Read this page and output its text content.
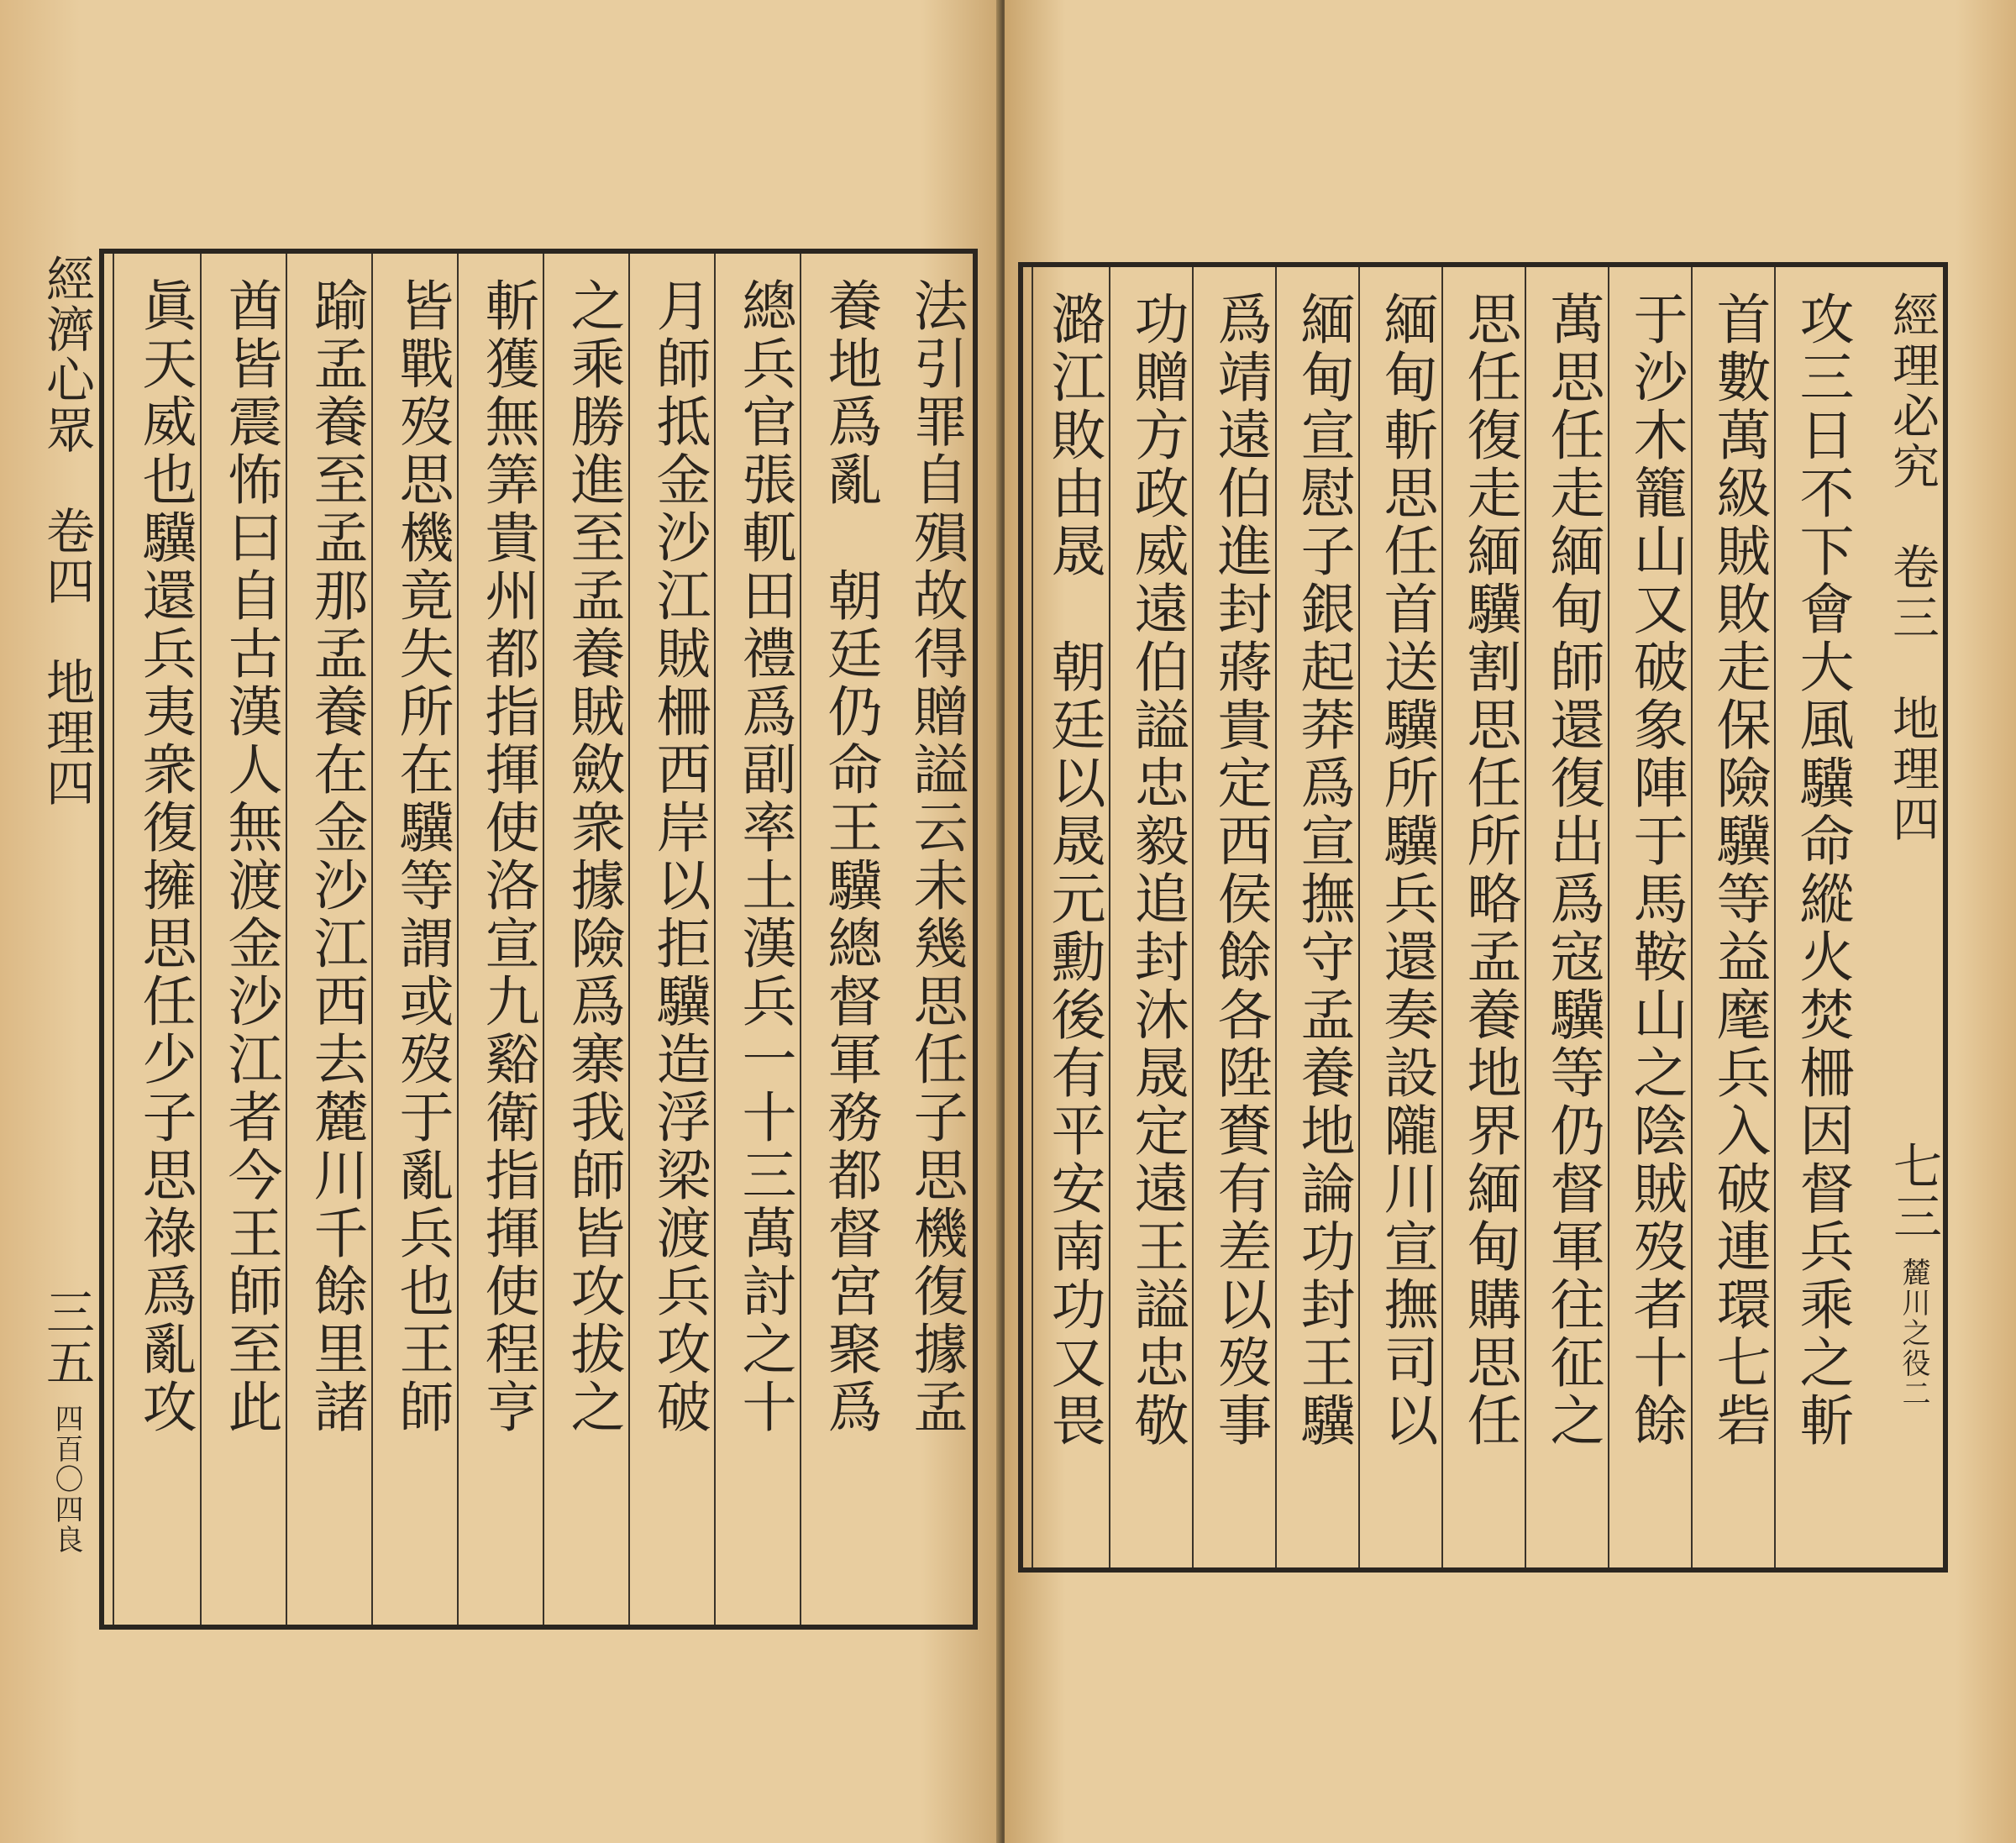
經濟心眾　卷四　地理四
三五 四百〇四良
法引罪自殞故得贈謚云未幾思任子思機復據孟
養地爲亂　朝廷仍命王驥總督軍務都督宮聚爲
總兵官張軏田禮爲副率土漢兵一十三萬討之十
月師抵金沙江賊柵西岸以拒驥造浮梁渡兵攻破
之乘勝進至孟養賊斂衆據險爲寨我師皆攻拔之
斬獲無筭貴州都指揮使洛宣九谿衛指揮使程亨
皆戰歿思機竟失所在驥等謂或歿于亂兵也王師
踰孟養至孟那孟養在金沙江西去麓川千餘里諸
酋皆震怖曰自古漢人無渡金沙江者今王師至此
眞天威也驥還兵夷衆復擁思任少子思祿爲亂攻	經理必究　卷三　地理四
七三 麓川之役二
攻三日不下會大風驥命縱火焚柵因督兵乘之斬
首數萬級賊敗走保險驥等益麾兵入破連環七砦
于沙木籠山又破象陣于馬鞍山之陰賊歿者十餘
萬思任走緬甸師還復出爲寇驥等仍督軍往征之
思任復走緬驥割思任所略孟養地界緬甸購思任
緬甸斬思任首送驥所驥兵還奏設隴川宣撫司以
緬甸宣慰子銀起莽爲宣撫守孟養地論功封王驥
爲靖遠伯進封蔣貴定西侯餘各陞賚有差以歿事
功贈方政威遠伯謚忠毅追封沐晟定遠王謚忠敬
潞江敗由晟　朝廷以晟元勳後有平安南功又畏
